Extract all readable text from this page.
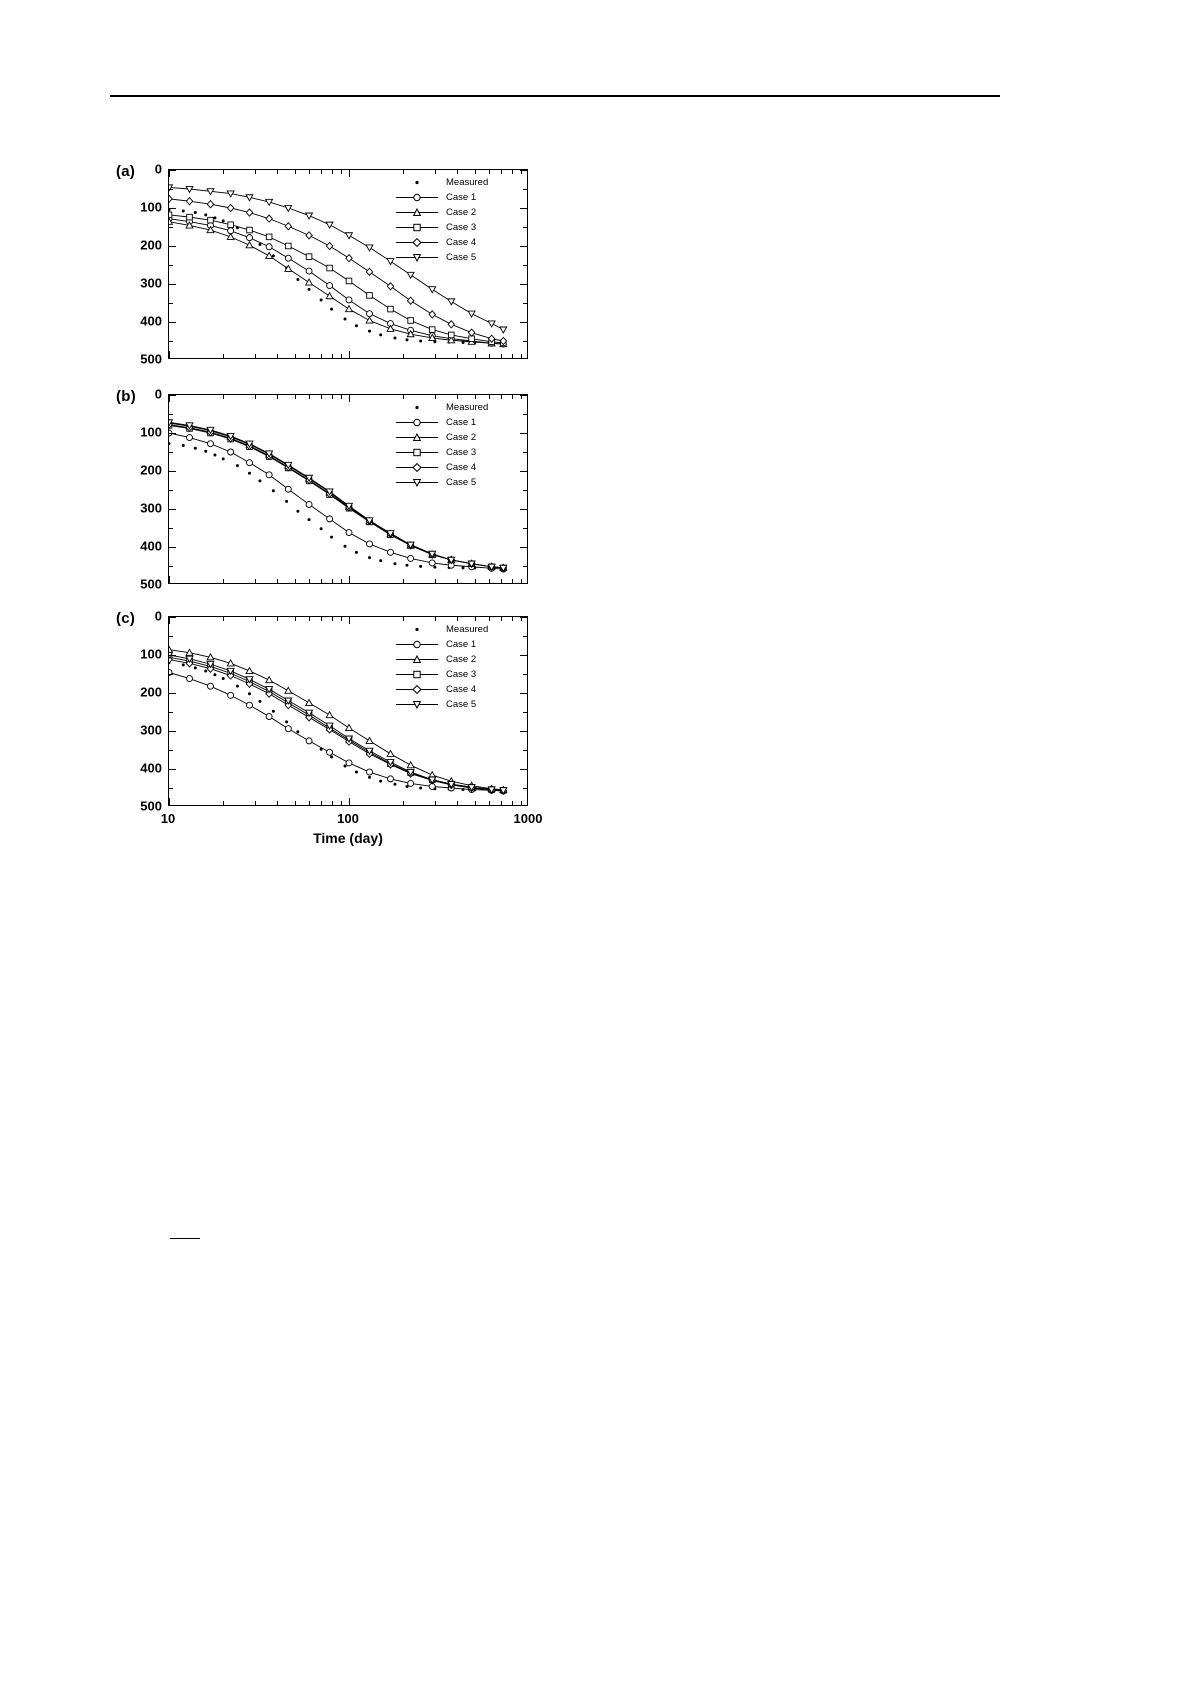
(a)
Measured
Case 1
Case 2
Case 3
Case 4
Case 5
0
100
200
300
400
500
(b)
Measured
Case 1
Case 2
Case 3
Case 4
Case 5
0
100
200
300
400
500
(c)
Time (day)
Measured
Case 1
Case 2
Case 3
Case 4
Case 5
0
100
200
300
400
500
10	100	1000
